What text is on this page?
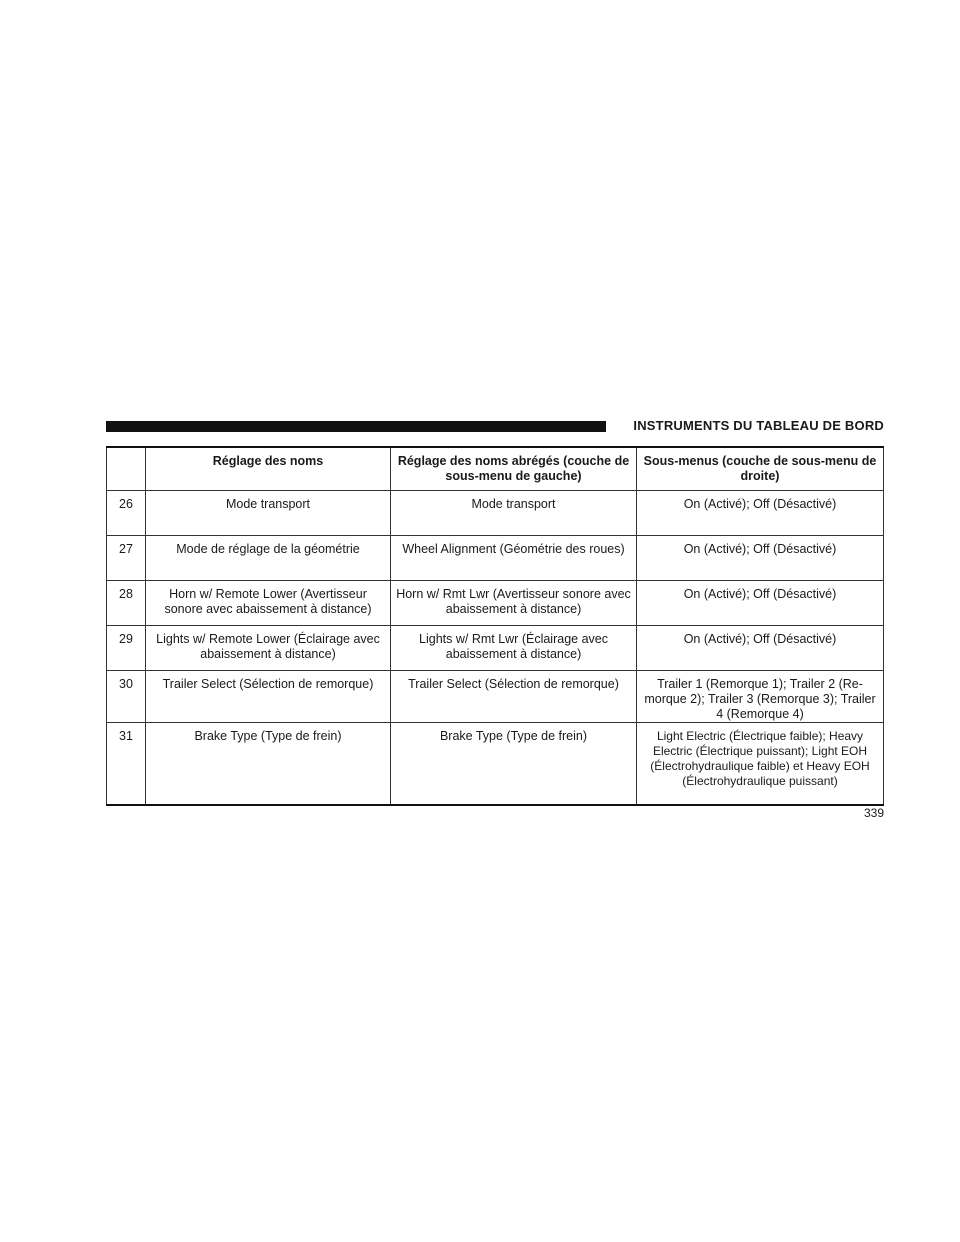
INSTRUMENTS DU TABLEAU DE BORD
	Réglage des noms	Réglage des noms abrégés (couche de sous-menu de gauche)	Sous-menus (couche de sous-menu de droite)
26	Mode transport	Mode transport	On (Activé); Off (Désactivé)
27	Mode de réglage de la géométrie	Wheel Alignment (Géométrie des roues)	On (Activé); Off (Désactivé)
28	Horn w/ Remote Lower (Avertisseur sonore avec abaissement à distance)	Horn w/ Rmt Lwr (Avertisseur sonore avec abaissement à distance)	On (Activé); Off (Désactivé)
29	Lights w/ Remote Lower (Éclairage avec abaissement à distance)	Lights w/ Rmt Lwr (Éclairage avec abaissement à distance)	On (Activé); Off (Désactivé)
30	Trailer Select (Sélection de remorque)	Trailer Select (Sélection de remorque)	Trailer 1 (Remorque 1); Trailer 2 (Re-morque 2); Trailer 3 (Remorque 3); Trailer 4 (Remorque 4)
31	Brake Type (Type de frein)	Brake Type (Type de frein)	Light Electric (Électrique faible); Heavy Electric (Électrique puissant); Light EOH (Électrohydraulique faible) et Heavy EOH (Électrohydraulique puissant)
339
